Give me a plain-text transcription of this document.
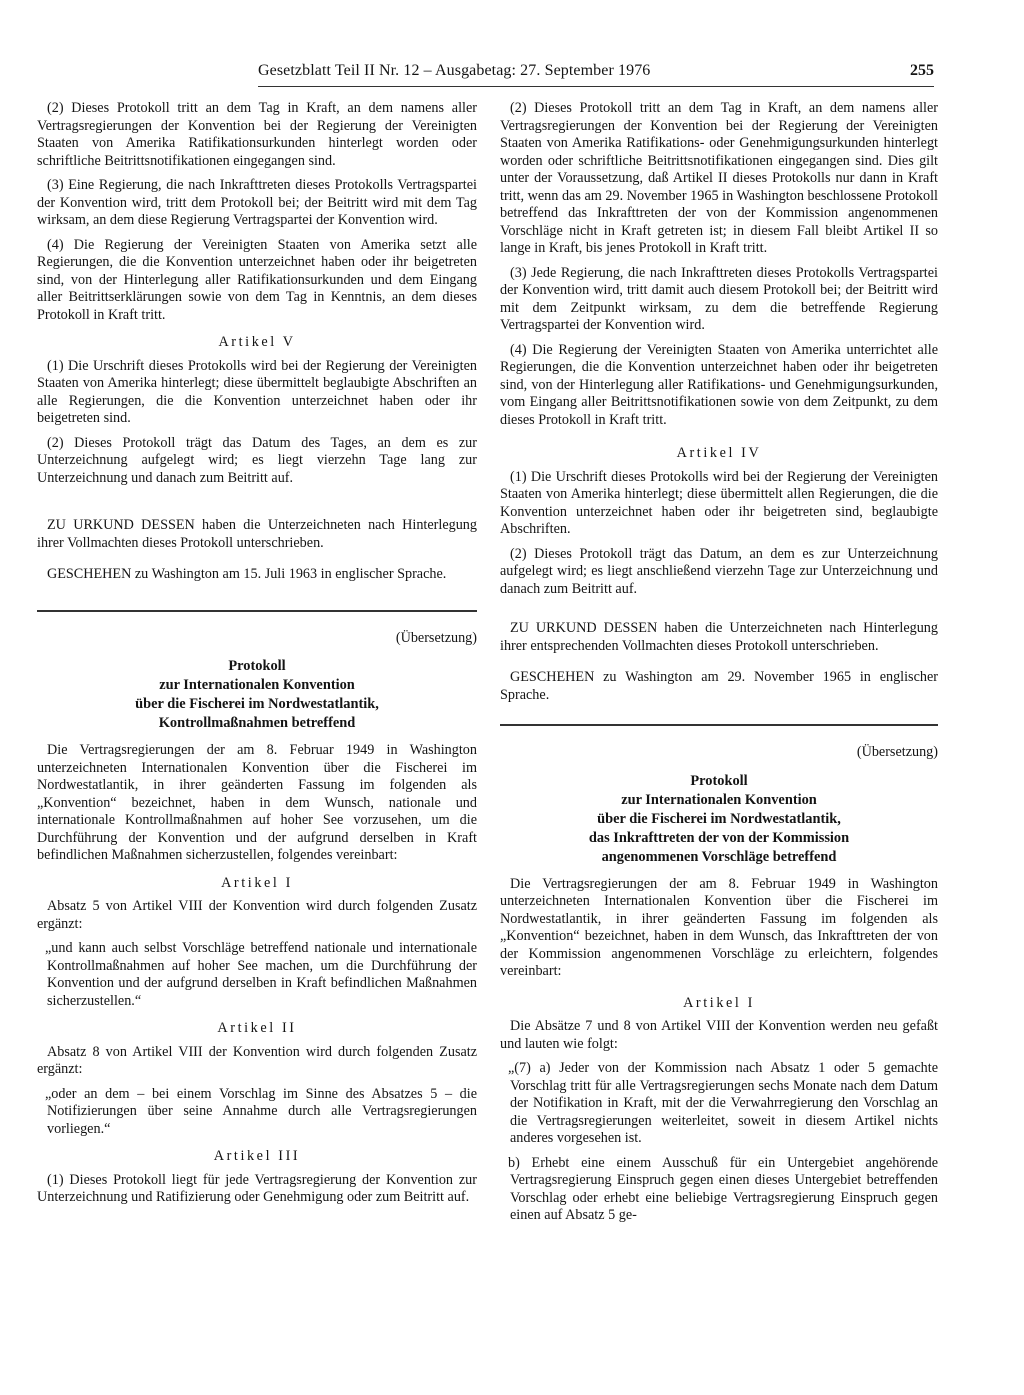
Gesetzblatt Teil II Nr. 12 – Ausgabetag: 27. September 1976	255

(2) Dieses Protokoll tritt an dem Tag in Kraft, an dem namens aller Vertragsregierungen der Konvention bei der Regierung der Vereinigten Staaten von Amerika Ratifikationsurkunden hinterlegt worden oder schriftliche Beitrittsnotifikationen eingegangen sind.

(3) Eine Regierung, die nach Inkrafttreten dieses Protokolls Vertragspartei der Konvention wird, tritt dem Protokoll bei; der Beitritt wird mit dem Tag wirksam, an dem diese Regierung Vertragspartei der Konvention wird.

(4) Die Regierung der Vereinigten Staaten von Amerika setzt alle Regierungen, die die Konvention unterzeichnet haben oder ihr beigetreten sind, von der Hinterlegung aller Ratifikationsurkunden und dem Eingang aller Beitrittserklärungen sowie von dem Tag in Kenntnis, an dem dieses Protokoll in Kraft tritt.

Artikel V

(1) Die Urschrift dieses Protokolls wird bei der Regierung der Vereinigten Staaten von Amerika hinterlegt; diese übermittelt beglaubigte Abschriften an alle Regierungen, die die Konvention unterzeichnet haben oder ihr beigetreten sind.

(2) Dieses Protokoll trägt das Datum des Tages, an dem es zur Unterzeichnung aufgelegt wird; es liegt vierzehn Tage lang zur Unterzeichnung und danach zum Beitritt auf.

ZU URKUND DESSEN haben die Unterzeichneten nach Hinterlegung ihrer Vollmachten dieses Protokoll unterschrieben.

GESCHEHEN zu Washington am 15. Juli 1963 in englischer Sprache.

(Übersetzung)

Protokoll
zur Internationalen Konvention
über die Fischerei im Nordwestatlantik,
Kontrollmaßnahmen betreffend

Die Vertragsregierungen der am 8. Februar 1949 in Washington unterzeichneten Internationalen Konvention über die Fischerei im Nordwestatlantik, in ihrer geänderten Fassung im folgenden als „Konvention“ bezeichnet, haben in dem Wunsch, nationale und internationale Kontrollmaßnahmen auf hoher See vorzusehen, um die Durchführung der Konvention und der aufgrund derselben in Kraft befindlichen Maßnahmen sicherzustellen, folgendes vereinbart:

Artikel I

Absatz 5 von Artikel VIII der Konvention wird durch folgenden Zusatz ergänzt:

„und kann auch selbst Vorschläge betreffend nationale und internationale Kontrollmaßnahmen auf hoher See machen, um die Durchführung der Konvention und der aufgrund derselben in Kraft befindlichen Maßnahmen sicherzustellen.“

Artikel II

Absatz 8 von Artikel VIII der Konvention wird durch folgenden Zusatz ergänzt:

„oder an dem – bei einem Vorschlag im Sinne des Absatzes 5 – die Notifizierungen über seine Annahme durch alle Vertragsregierungen vorliegen.“

Artikel III

(1) Dieses Protokoll liegt für jede Vertragsregierung der Konvention zur Unterzeichnung und Ratifizierung oder Genehmigung oder zum Beitritt auf.

(2) Dieses Protokoll tritt an dem Tag in Kraft, an dem namens aller Vertragsregierungen der Konvention bei der Regierung der Vereinigten Staaten von Amerika Ratifikations- oder Genehmigungsurkunden hinterlegt worden oder schriftliche Beitrittsnotifikationen eingegangen sind. Dies gilt unter der Voraussetzung, daß Artikel II dieses Protokolls nur dann in Kraft tritt, wenn das am 29. November 1965 in Washington beschlossene Protokoll betreffend das Inkrafttreten der von der Kommission angenommenen Vorschläge nicht in Kraft getreten ist; in diesem Fall bleibt Artikel II so lange in Kraft, bis jenes Protokoll in Kraft tritt.

(3) Jede Regierung, die nach Inkrafttreten dieses Protokolls Vertragspartei der Konvention wird, tritt damit auch diesem Protokoll bei; der Beitritt wird mit dem Zeitpunkt wirksam, zu dem die betreffende Regierung Vertragspartei der Konvention wird.

(4) Die Regierung der Vereinigten Staaten von Amerika unterrichtet alle Regierungen, die die Konvention unterzeichnet haben oder ihr beigetreten sind, von der Hinterlegung aller Ratifikations- und Genehmigungsurkunden, vom Eingang aller Beitrittsnotifikationen sowie von dem Zeitpunkt, zu dem dieses Protokoll in Kraft tritt.

Artikel IV

(1) Die Urschrift dieses Protokolls wird bei der Regierung der Vereinigten Staaten von Amerika hinterlegt; diese übermittelt allen Regierungen, die die Konvention unterzeichnet haben oder ihr beigetreten sind, beglaubigte Abschriften.

(2) Dieses Protokoll trägt das Datum, an dem es zur Unterzeichnung aufgelegt wird; es liegt anschließend vierzehn Tage zur Unterzeichnung und danach zum Beitritt auf.

ZU URKUND DESSEN haben die Unterzeichneten nach Hinterlegung ihrer entsprechenden Vollmachten dieses Protokoll unterschrieben.

GESCHEHEN zu Washington am 29. November 1965 in englischer Sprache.

(Übersetzung)

Protokoll
zur Internationalen Konvention
über die Fischerei im Nordwestatlantik,
das Inkrafttreten der von der Kommission
angenommenen Vorschläge betreffend

Die Vertragsregierungen der am 8. Februar 1949 in Washington unterzeichneten Internationalen Konvention über die Fischerei im Nordwestatlantik, in ihrer geänderten Fassung im folgenden als „Konvention“ bezeichnet, haben in dem Wunsch, das Inkrafttreten der von der Kommission angenommenen Vorschläge zu erleichtern, folgendes vereinbart:

Artikel I

Die Absätze 7 und 8 von Artikel VIII der Konvention werden neu gefaßt und lauten wie folgt:

„(7) a) Jeder von der Kommission nach Absatz 1 oder 5 gemachte Vorschlag tritt für alle Vertragsregierungen sechs Monate nach dem Datum der Notifikation in Kraft, mit der die Verwahrregierung den Vorschlag an die Vertragsregierungen weiterleitet, soweit in diesem Artikel nichts anderes vorgesehen ist.

b) Erhebt eine einem Ausschuß für ein Untergebiet angehörende Vertragsregierung Einspruch gegen einen dieses Untergebiet betreffenden Vorschlag oder erhebt eine beliebige Vertragsregierung Einspruch gegen einen auf Absatz 5 ge-
